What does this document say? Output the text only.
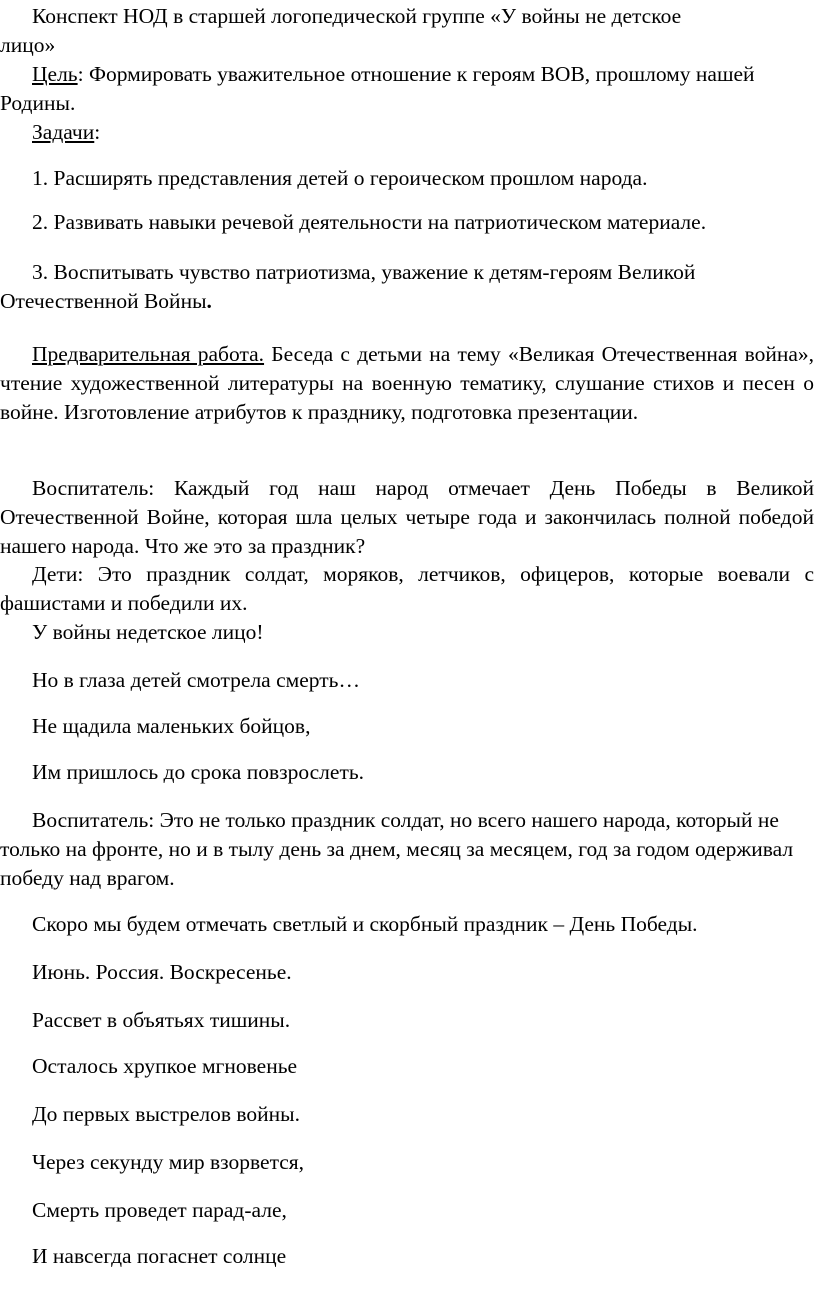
Конспект НОД в старшей логопедической группе «У войны не детское
лицо»

Цель: Формировать уважительное отношение к героям ВОВ, прошлому нашей Родины.

Задачи:

1. Расширять представления детей о героическом прошлом народа.

2. Развивать навыки речевой деятельности на патриотическом материале.

3. Воспитывать чувство патриотизма, уважение к детям-героям Великой Отечественной Войны.

Предварительная работа. Беседа с детьми на тему «Великая Отечественная война», чтение художественной литературы на военную тематику, слушание стихов и песен о войне. Изготовление атрибутов к празднику, подготовка презентации.

Воспитатель: Каждый год наш народ отмечает День Победы в Великой Отечественной Войне, которая шла целых четыре года и закончилась полной победой нашего народа. Что же это за праздник?

Дети: Это праздник солдат, моряков, летчиков, офицеров, которые воевали с фашистами и победили их.

У войны недетское лицо!

Но в глаза детей смотрела смерть…

Не щадила маленьких бойцов,

Им пришлось до срока повзрослеть.

Воспитатель: Это не только праздник солдат, но всего нашего народа, который не только на фронте, но и в тылу день за днем, месяц за месяцем, год за годом одерживал победу над врагом.

Скоро мы будем отмечать светлый и скорбный праздник – День Победы.

Июнь. Россия. Воскресенье.

Рассвет в объятьях тишины.

Осталось хрупкое мгновенье

До первых выстрелов войны.

Через секунду мир взорвется,

Смерть проведет парад-але,

И навсегда погаснет солнце
